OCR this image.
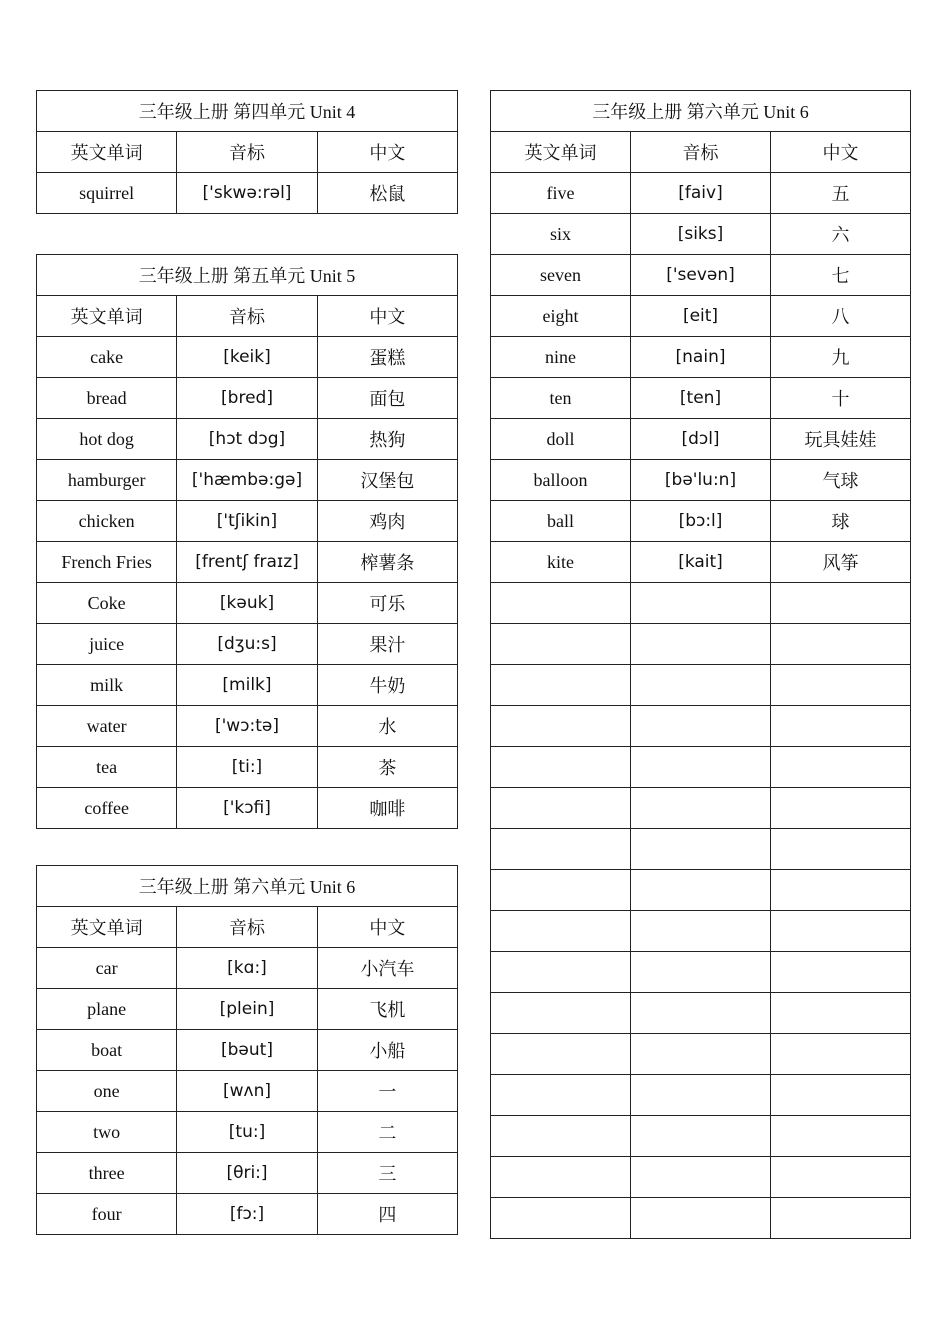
三年级上册 第四单元 Unit 4		
英文单词	音标	中文
squirrel	['skwə:rəl]	松鼠
三年级上册 第五单元 Unit 5		
英文单词	音标	中文
cake	[keik]	蛋糕
bread	[bred]	面包
hot dog	[hɔt dɔg]	热狗
hamburger	['hæmbə:gə]	汉堡包
chicken	['tʃikin]	鸡肉
French Fries	[frentʃ fraɪz]	榨薯条
Coke	[kəuk]	可乐
juice	[dʒu:s]	果汁
milk	[milk]	牛奶
water	['wɔ:tə]	水
tea	[ti:]	茶
coffee	['kɔfi]	咖啡
三年级上册 第六单元 Unit 6		
英文单词	音标	中文
car	[kɑ:]	小汽车
plane	[plein]	飞机
boat	[bəut]	小船
one	[wʌn]	一
two	[tu:]	二
three	[θri:]	三
four	[fɔ:]	四
三年级上册 第六单元 Unit 6		
英文单词	音标	中文
five	[faiv]	五
six	[siks]	六
seven	['sevən]	七
eight	[eit]	八
nine	[nain]	九
ten	[ten]	十
doll	[dɔl]	玩具娃娃
balloon	[bə'lu:n]	气球
ball	[bɔ:l]	球
kite	[kait]	风筝
